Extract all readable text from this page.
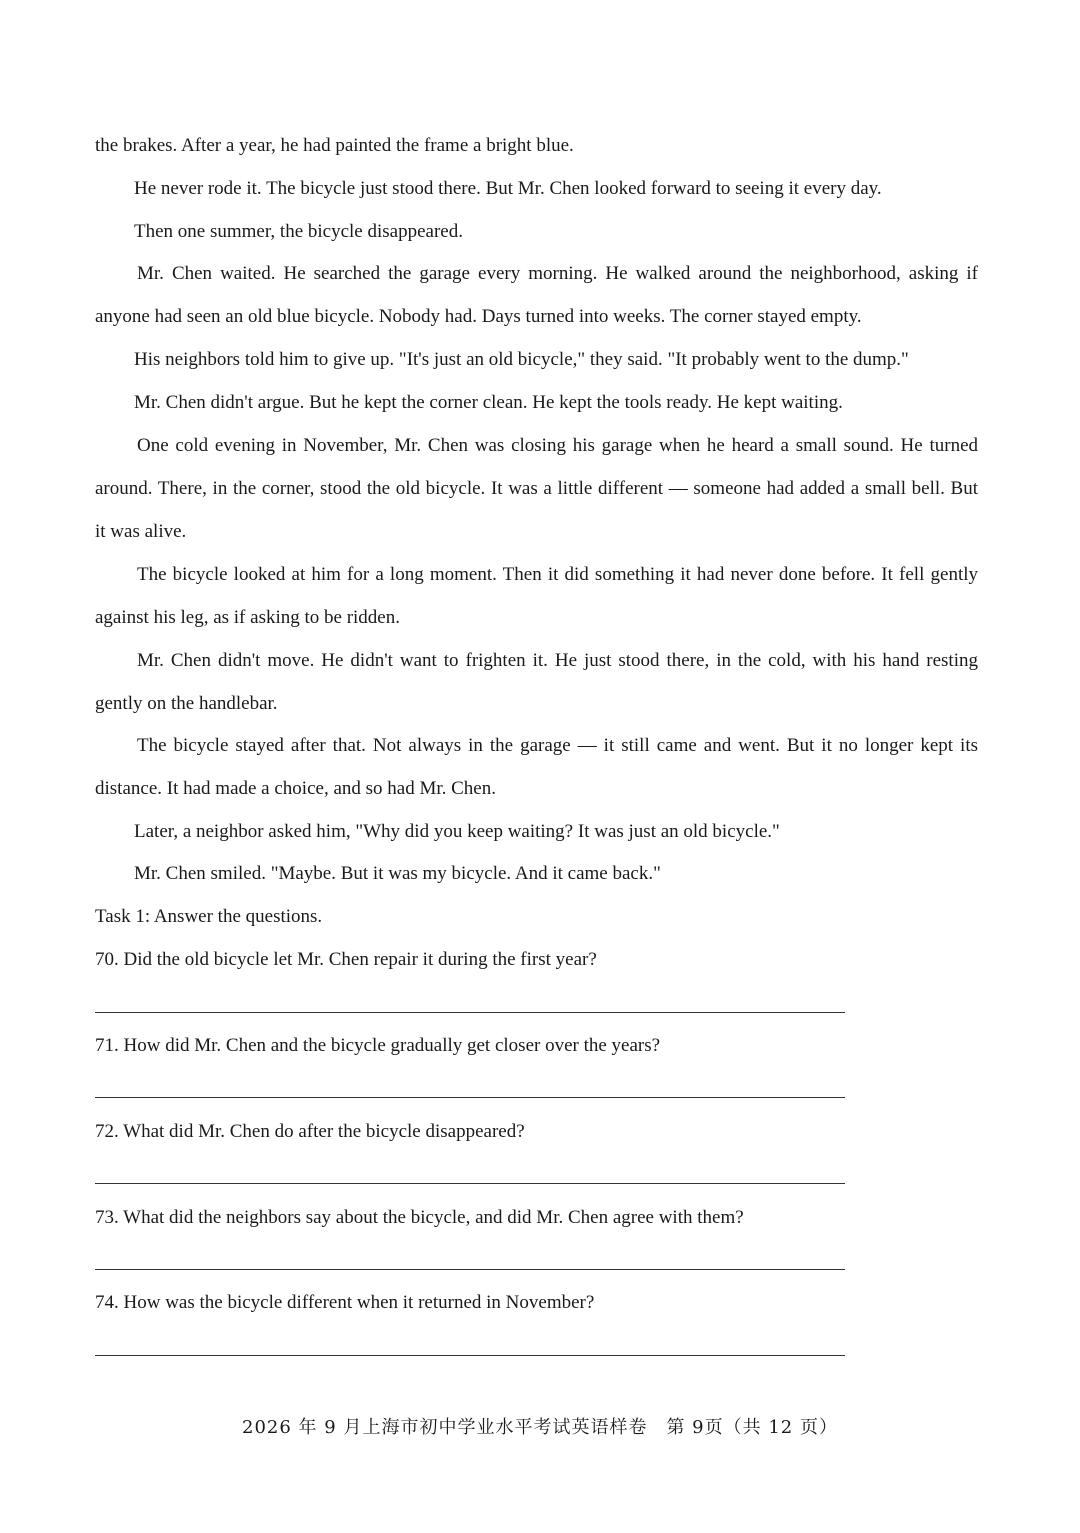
the brakes. After a year, he had painted the frame a bright blue.
He never rode it. The bicycle just stood there. But Mr. Chen looked forward to seeing it every day.
Then one summer, the bicycle disappeared.
Mr. Chen waited. He searched the garage every morning. He walked around the neighborhood, asking if
anyone had seen an old blue bicycle. Nobody had. Days turned into weeks. The corner stayed empty.
His neighbors told him to give up. "It's just an old bicycle," they said. "It probably went to the dump."
Mr. Chen didn't argue. But he kept the corner clean. He kept the tools ready. He kept waiting.
One cold evening in November, Mr. Chen was closing his garage when he heard a small sound. He turned
around. There, in the corner, stood the old bicycle. It was a little different — someone had added a small bell. But
it was alive.
The bicycle looked at him for a long moment. Then it did something it had never done before. It fell gently
against his leg, as if asking to be ridden.
Mr. Chen didn't move. He didn't want to frighten it. He just stood there, in the cold, with his hand resting
gently on the handlebar.
The bicycle stayed after that. Not always in the garage — it still came and went. But it no longer kept its
distance. It had made a choice, and so had Mr. Chen.
Later, a neighbor asked him, "Why did you keep waiting? It was just an old bicycle."
Mr. Chen smiled. "Maybe. But it was my bicycle. And it came back."
Task 1: Answer the questions.
70. Did the old bicycle let Mr. Chen repair it during the first year?
71. How did Mr. Chen and the bicycle gradually get closer over the years?
72. What did Mr. Chen do after the bicycle disappeared?
73. What did the neighbors say about the bicycle, and did Mr. Chen agree with them?
74. How was the bicycle different when it returned in November?
2026 年 9 月上海市初中学业水平考试英语样卷　第 9页（共 12 页）
